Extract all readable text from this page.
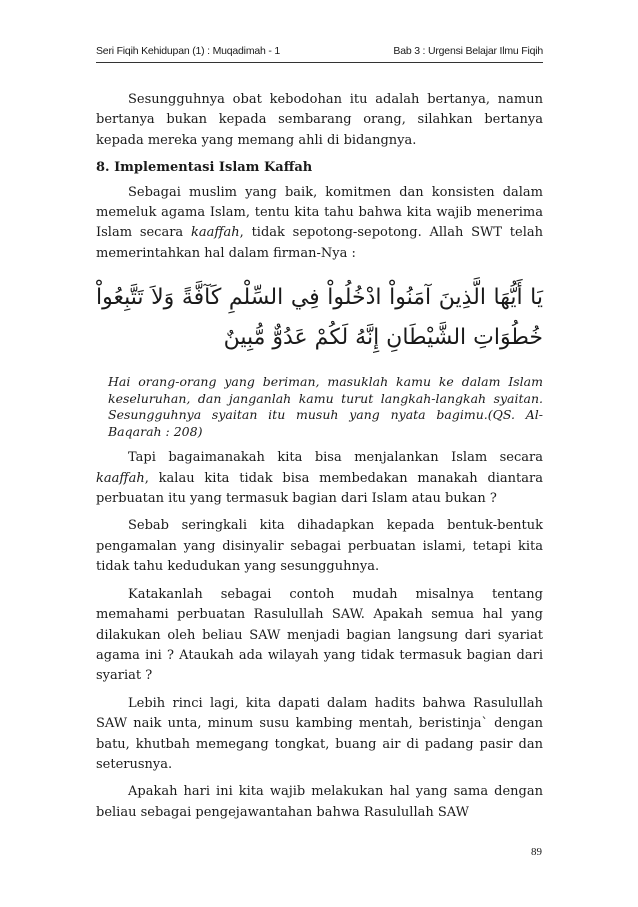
Seri Fiqih Kehidupan (1) : Muqadimah - 1	Bab 3 : Urgensi Belajar Ilmu Fiqih

Sesungguhnya obat kebodohan itu adalah bertanya, namun bertanya bukan kepada sembarang orang, silahkan bertanya kepada mereka yang memang ahli di bidangnya.

8. Implementasi Islam Kaffah

Sebagai muslim yang baik, komitmen dan konsisten dalam memeluk agama Islam, tentu kita tahu bahwa kita wajib menerima Islam secara kaaffah, tidak sepotong-sepotong. Allah SWT telah memerintahkan hal dalam firman-Nya :

يَا أَيُّهَا الَّذِينَ آمَنُواْ ادْخُلُواْ فِي السِّلْمِ كَآفَّةً وَلاَ تَتَّبِعُواْ خُطُوَاتِ الشَّيْطَانِ إِنَّهُ لَكُمْ عَدُوٌّ مُّبِينٌ

Hai orang-orang yang beriman, masuklah kamu ke dalam Islam keseluruhan, dan janganlah kamu turut langkah-langkah syaitan. Sesungguhnya syaitan itu musuh yang nyata bagimu.(QS. Al-Baqarah : 208)

Tapi bagaimanakah kita bisa menjalankan Islam secara kaaffah, kalau kita tidak bisa membedakan manakah diantara perbuatan itu yang termasuk bagian dari Islam atau bukan ?

Sebab seringkali kita dihadapkan kepada bentuk-bentuk pengamalan yang disinyalir sebagai perbuatan islami, tetapi kita tidak tahu kedudukan yang sesungguhnya.

Katakanlah sebagai contoh mudah misalnya tentang memahami perbuatan Rasulullah SAW. Apakah semua hal yang dilakukan oleh beliau SAW menjadi bagian langsung dari syariat agama ini ? Ataukah ada wilayah yang tidak termasuk bagian dari syariat ?

Lebih rinci lagi, kita dapati dalam hadits bahwa Rasulullah SAW naik unta, minum susu kambing mentah, beristinja` dengan batu, khutbah memegang tongkat, buang air di padang pasir dan seterusnya.

Apakah hari ini kita wajib melakukan hal yang sama dengan beliau sebagai pengejawantahan bahwa Rasulullah SAW

89
